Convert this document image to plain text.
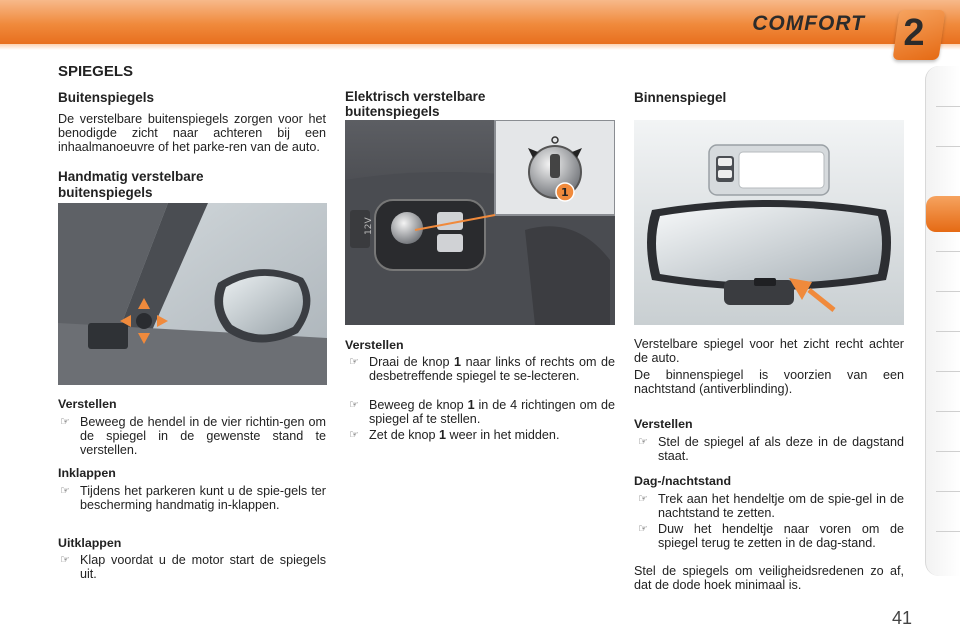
COMFORT 2
SPIEGELS
Buitenspiegels
De verstelbare buitenspiegels zorgen voor het benodigde zicht naar achteren bij een inhaalmanoeuvre of het parke-ren van de auto.
Handmatig verstelbare buitenspiegels
Verstellen
☞ Beweeg de hendel in de vier richtin-gen om de spiegel in de gewenste stand te verstellen.
Inklappen
☞ Tijdens het parkeren kunt u de spie-gels ter bescherming handmatig in-klappen.
Uitklappen
☞ Klap voordat u de motor start de spiegels uit.
Elektrisch verstelbare
buitenspiegels
12V
1
Verstellen
☞ Draai de knop 1 naar links of rechts om de desbetreffende spiegel te se-lecteren.
☞ Beweeg de knop 1 in de 4 richtingen om de spiegel af te stellen.
☞ Zet de knop 1 weer in het midden.
Binnenspiegel
Verstelbare spiegel voor het zicht recht achter de auto.
De binnenspiegel is voorzien van een nachtstand (antiverblinding).
Verstellen
☞ Stel de spiegel af als deze in de dagstand staat.
Dag-/nachtstand
☞ Trek aan het hendeltje om de spie-gel in de nachtstand te zetten.
☞ Duw het hendeltje naar voren om de spiegel terug te zetten in de dag-stand.
Stel de spiegels om veiligheidsredenen zo af, dat de dode hoek minimaal is.
41
